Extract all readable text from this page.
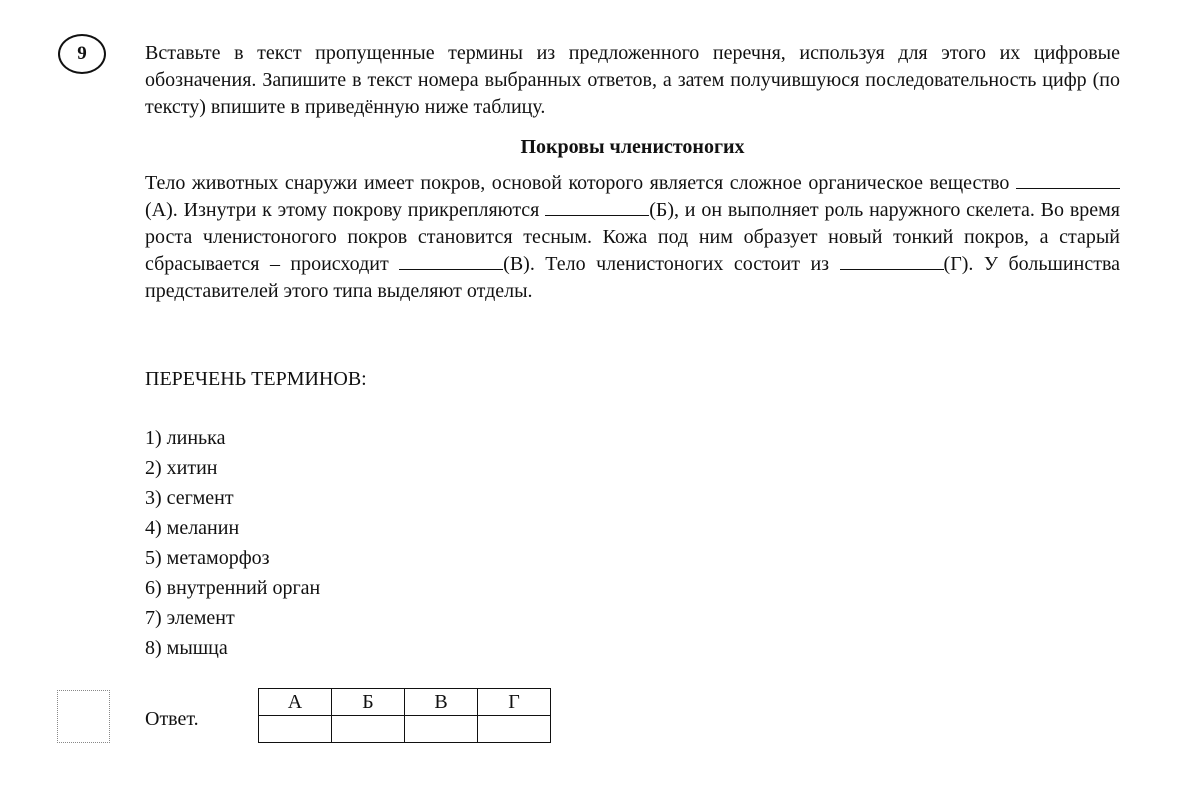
9	Вставьте в текст пропущенные термины из предложенного перечня, используя для этого их цифровые обозначения. Запишите в текст номера выбранных ответов, а затем получившуюся последовательность цифр (по тексту) впишите в приведённую ниже таблицу.

Покровы членистоногих

Тело животных снаружи имеет покров, основой которого является сложное органическое вещество (А). Изнутри к этому покрову прикрепляются	(Б), и он выполняет роль наружного скелета. Во время роста членистоногого покров становится тесным. Кожа под ним образует новый тонкий покров, а старый сбрасывается – происходит	(В). Тело членистоногих состоит из	(Г). У большинства представителей этого типа выделяют отделы.

ПЕРЕЧЕНЬ ТЕРМИНОВ:

1) линька
2) хитин
3) сегмент
4) меланин
5) метаморфоз
6) внутренний орган
7) элемент
8) мышца
Ответ.
А	Б	В	Г
